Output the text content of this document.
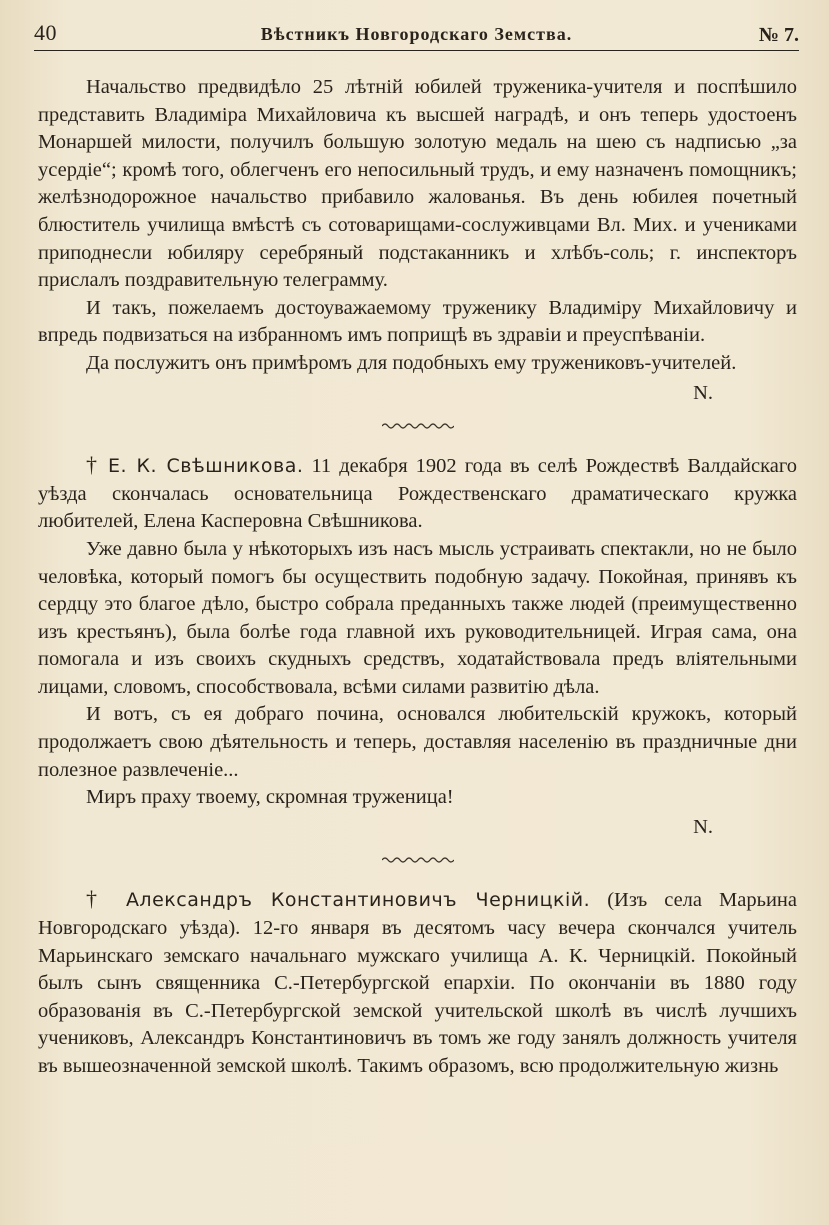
40	Вѣстникъ Новгородскаго Земства.	№ 7.

Начальство предвидѣло 25 лѣтній юбилей труженика-учителя и поспѣшило представить Владиміра Михайловича къ высшей наградѣ, и онъ теперь удостоенъ Монаршей милости, получилъ большую золотую медаль на шею съ надписью „за усердіе“; кромѣ того, облегченъ его непосильный трудъ, и ему назначенъ помощникъ; желѣзнодорожное начальство прибавило жалованья. Въ день юбилея почетный блюститель училища вмѣстѣ съ сотоварищами-сослуживцами Вл. Мих. и учениками приподнесли юбиляру серебряный подстаканникъ и хлѣбъ-соль; г. инспекторъ прислалъ поздравительную телеграмму.

И такъ, пожелаемъ достоуважаемому труженику Владиміру Михайловичу и впредь подвизаться на избранномъ имъ поприщѣ въ здравіи и преуспѣваніи.

Да послужитъ онъ примѣромъ для подобныхъ ему тружениковъ-учителей.

N.

† Е. К. Свѣшникова. 11 декабря 1902 года въ селѣ Рождествѣ Валдайскаго уѣзда скончалась основательница Рождественскаго драматическаго кружка любителей, Елена Касперовна Свѣшникова.

Уже давно была у нѣкоторыхъ изъ насъ мысль устраивать спектакли, но не было человѣка, который помогъ бы осуществить подобную задачу. Покойная, принявъ къ сердцу это благое дѣло, быстро собрала преданныхъ также людей (преимущественно изъ крестьянъ), была болѣе года главной ихъ руководительницей. Играя сама, она помогала и изъ своихъ скудныхъ средствъ, ходатайствовала предъ вліятельными лицами, словомъ, способствовала, всѣми силами развитію дѣла.

И вотъ, съ ея добраго почина, основался любительскій кружокъ, который продолжаетъ свою дѣятельность и теперь, доставляя населенію въ праздничные дни полезное развлеченіе...

Миръ праху твоему, скромная труженица!

N.

† Александръ Константиновичъ Черницкій. (Изъ села Марьина Новгородскаго уѣзда). 12-го января въ десятомъ часу вечера скончался учитель Марьинскаго земскаго начальнаго мужскаго училища А. К. Черницкій. Покойный былъ сынъ священника С.-Петербургской епархіи. По окончаніи въ 1880 году образованія въ С.-Петербургской земской учительской школѣ въ числѣ лучшихъ учениковъ, Александръ Константиновичъ въ томъ же году занялъ должность учителя въ вышеозначенной земской школѣ. Такимъ образомъ, всю продолжительную жизнь
